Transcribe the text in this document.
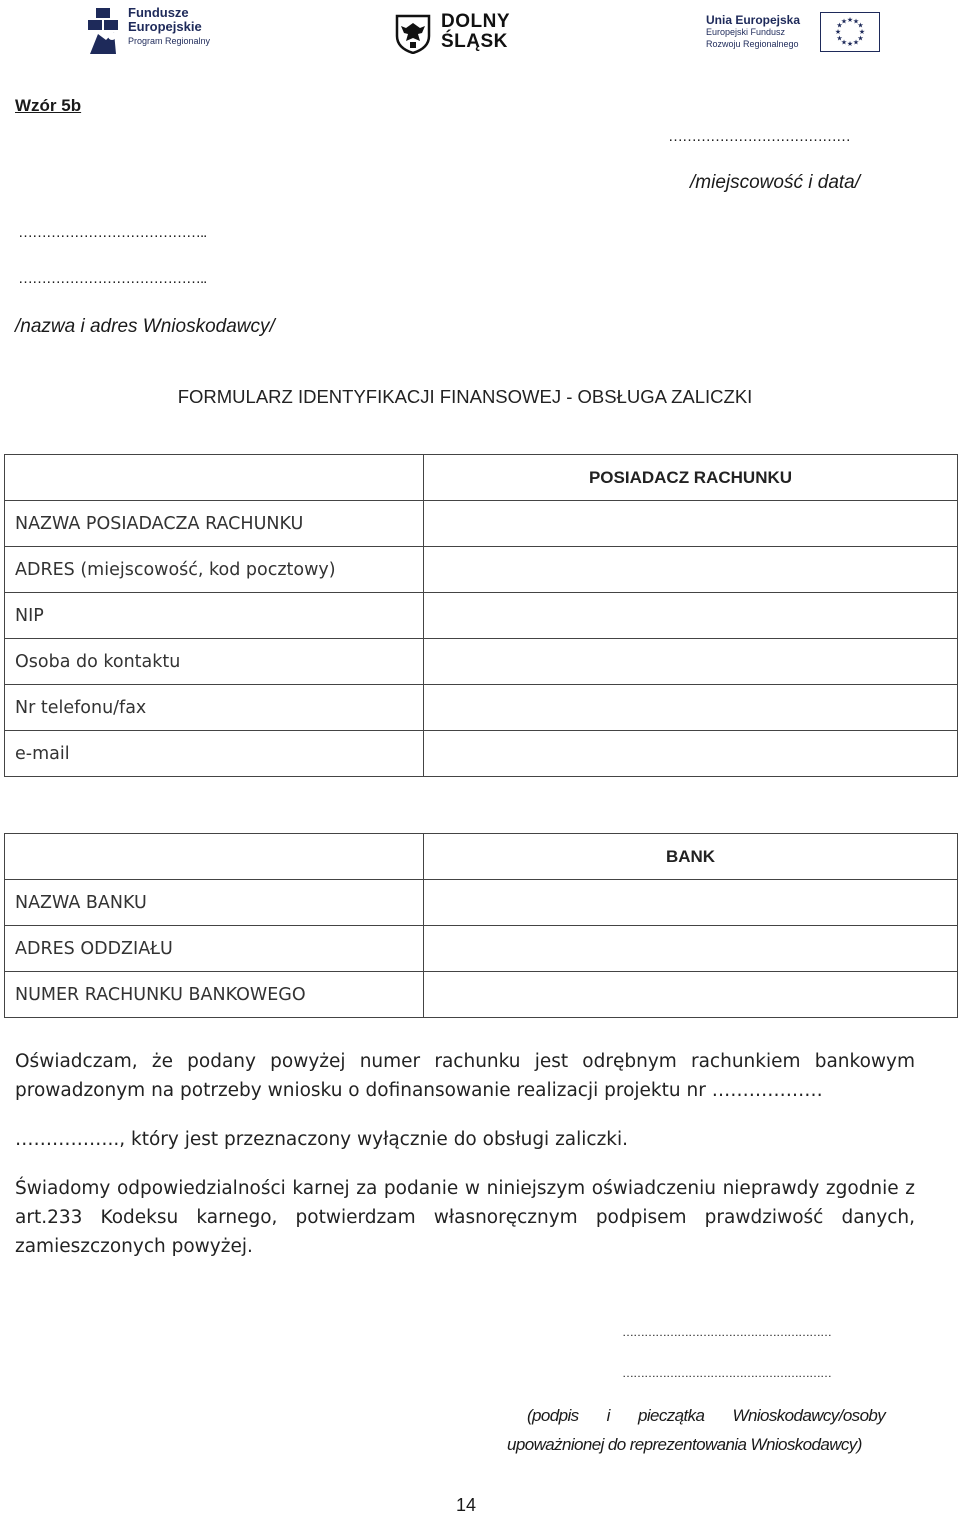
Fundusze
Europejskie
Program Regionalny
DOLNY
ŚLĄSK
Unia Europejska
Europejski Fundusz
Rozwoju Regionalnego
★ ★
★
★
★
★
★
★
★
★
★
★
Wzór 5b
…………………………………
/miejscowość i data/
…………………………………..
…………………………………..
/nazwa i adres Wnioskodawcy/
FORMULARZ IDENTYFIKACJI FINANSOWEJ - OBSŁUGA ZALICZKI
	POSIADACZ RACHUNKU
NAZWA POSIADACZA RACHUNKU	
ADRES (miejscowość, kod pocztowy)	
NIP	
Osoba do kontaktu	
Nr telefonu/fax	
e-mail	
	BANK
NAZWA BANKU	
ADRES ODDZIAŁU	
NUMER RACHUNKU BANKOWEGO	
Oświadczam, że podany powyżej numer rachunku jest odrębnym rachunkiem bankowym prowadzonym na potrzeby wniosku o dofinansowanie realizacji projektu nr ………………
…………….., który jest przeznaczony wyłącznie do obsługi zaliczki.
Świadomy odpowiedzialności karnej za podanie w niniejszym oświadczeniu nieprawdy zgodnie z art.233 Kodeksu karnego, potwierdzam własnoręcznym podpisem prawdziwość danych, zamieszczonych powyżej.
…………………………………………………
…………………………………………………
(podpis i pieczątka Wnioskodawcy/osoby
upoważnionej do reprezentowania Wnioskodawcy)
14
